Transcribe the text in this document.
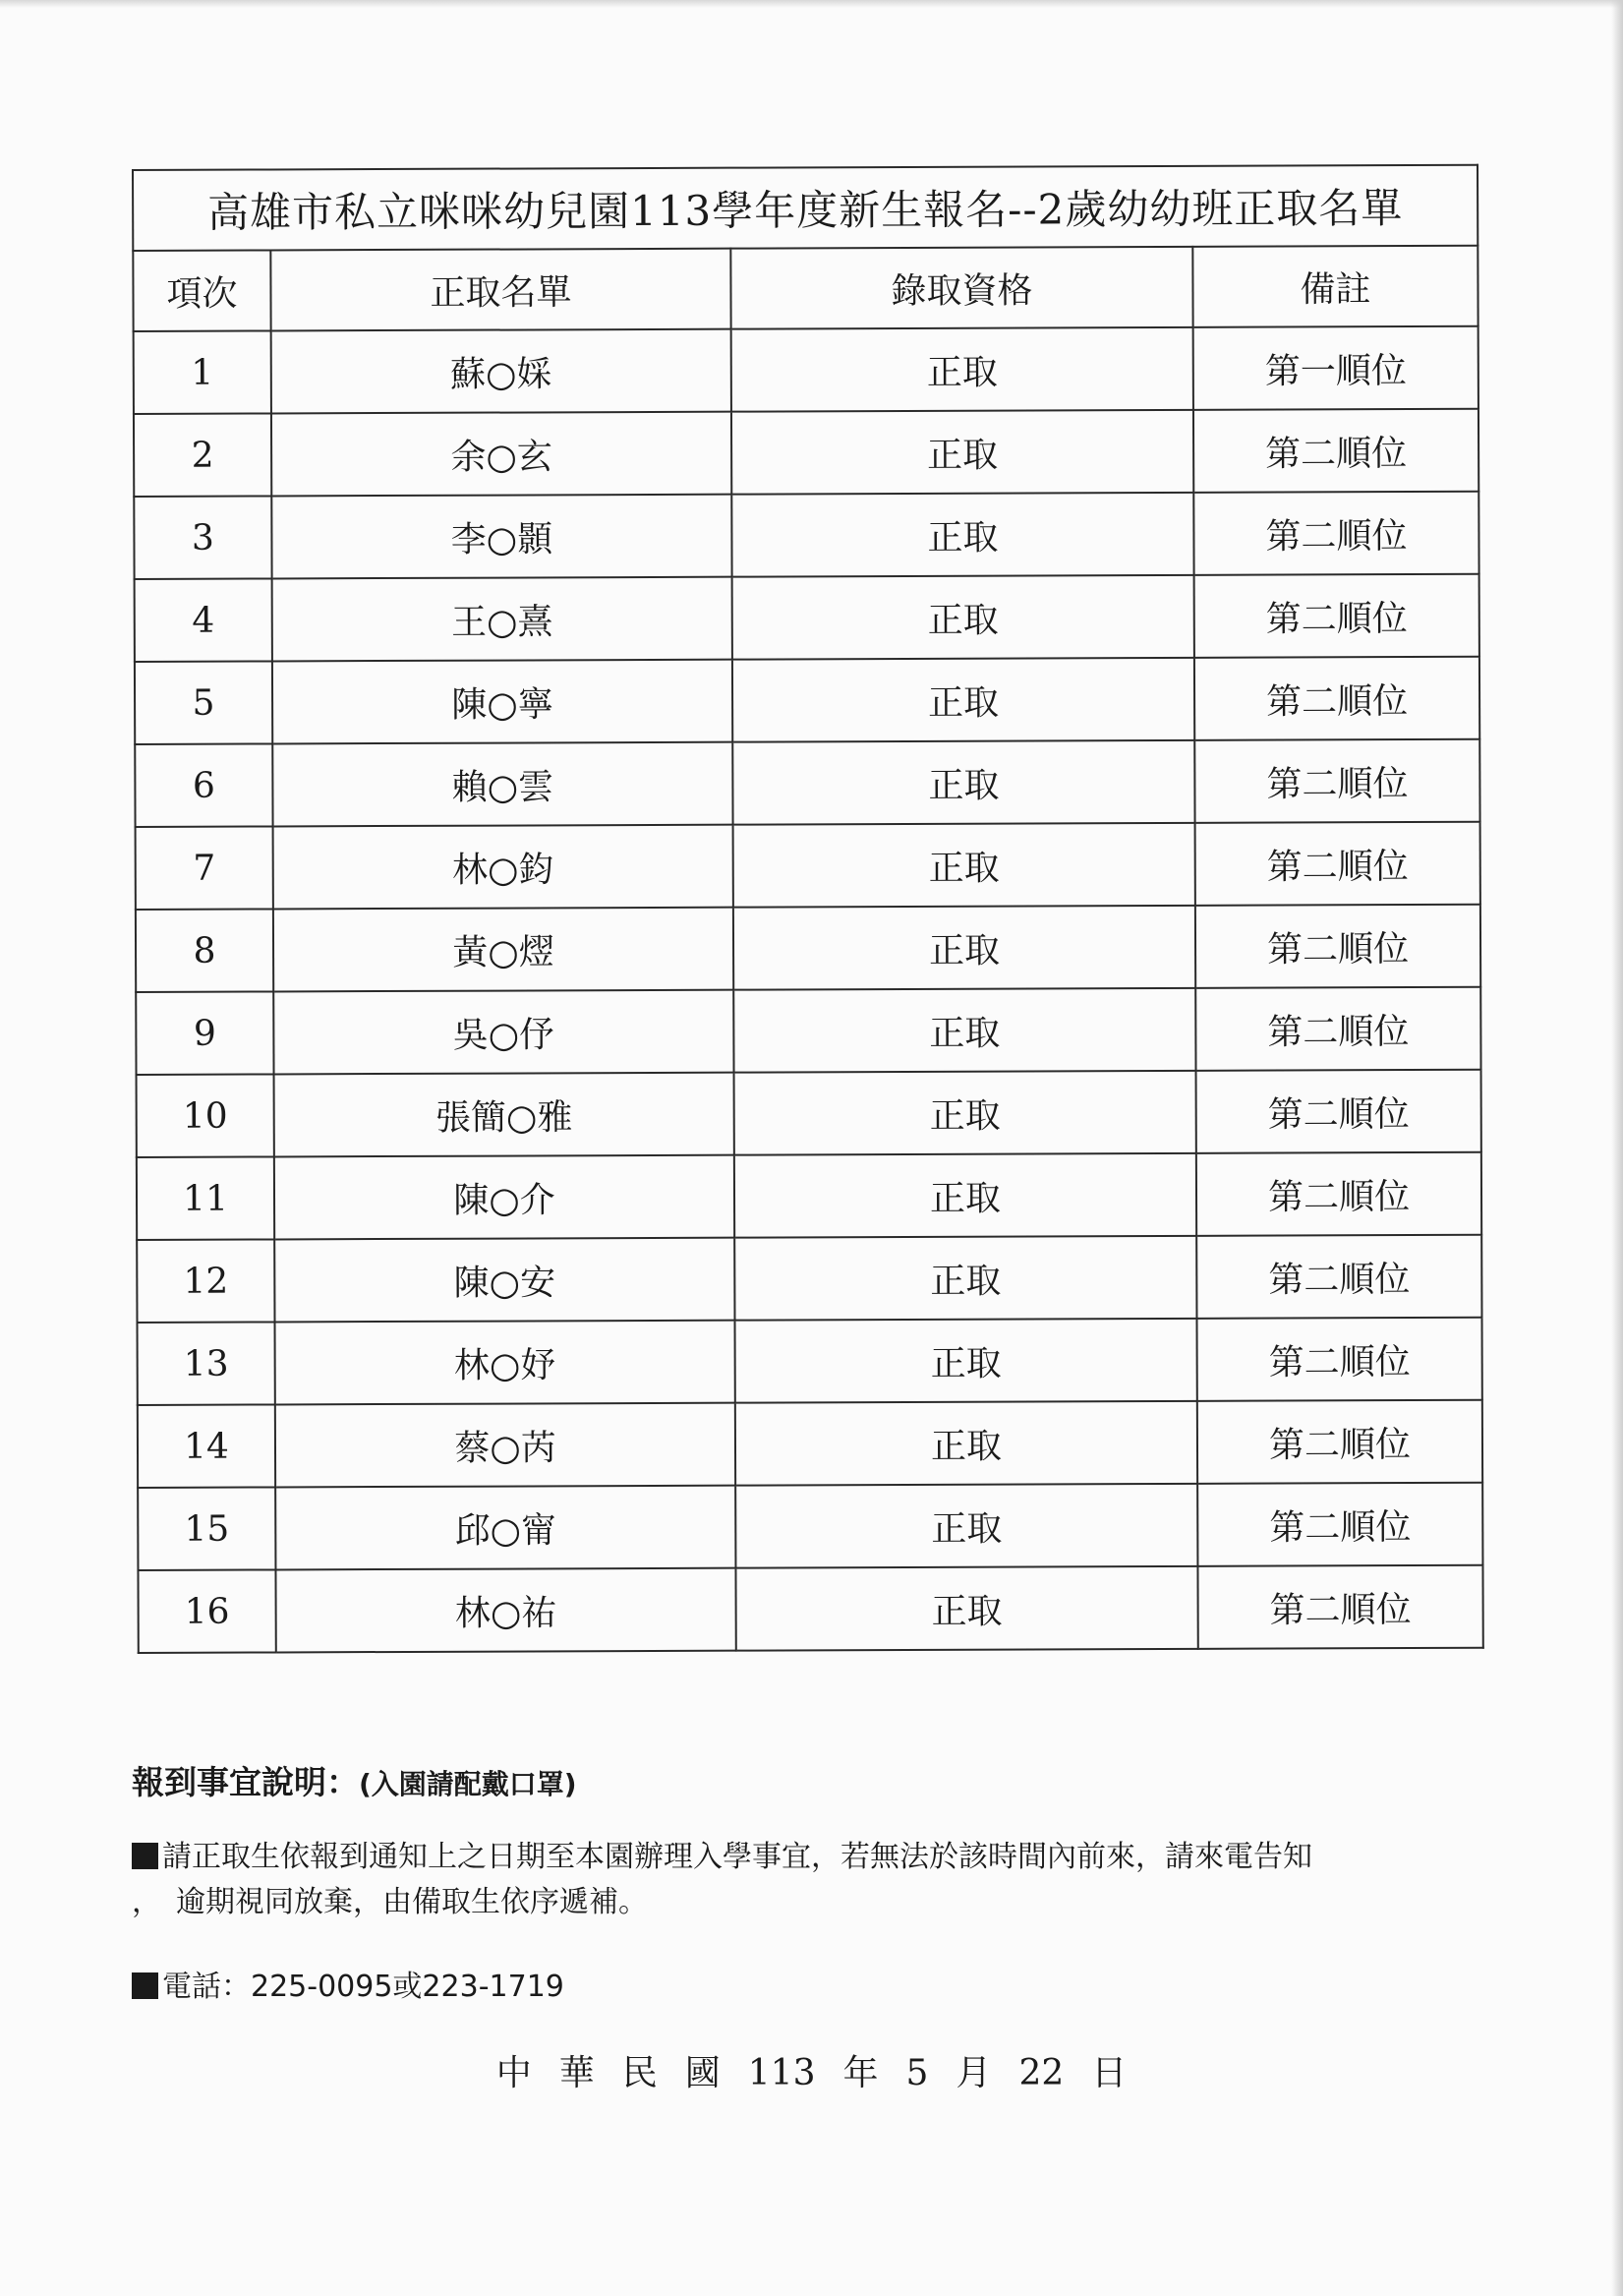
高雄市私立咪咪幼兒園113學年度新生報名--2歲幼幼班正取名單			
項次	正取名單	錄取資格	備註
1	蘇○婇	正取	第一順位
2	余○玄	正取	第二順位
3	李○顥	正取	第二順位
4	王○熹	正取	第二順位
5	陳○寧	正取	第二順位
6	賴○雲	正取	第二順位
7	林○鈞	正取	第二順位
8	黃○熤	正取	第二順位
9	吳○伃	正取	第二順位
10	張簡○雅	正取	第二順位
11	陳○介	正取	第二順位
12	陳○安	正取	第二順位
13	林○妤	正取	第二順位
14	蔡○芮	正取	第二順位
15	邱○甯	正取	第二順位
16	林○祐	正取	第二順位
報到事宜說明：(入園請配戴口罩)
請正取生依報到通知上之日期至本園辦理入學事宜，若無法於該時間內前來，請來電告知
，　逾期視同放棄，由備取生依序遞補。
電話：225-0095或223-1719
中 華 民 國 113 年 5 月 22 日
